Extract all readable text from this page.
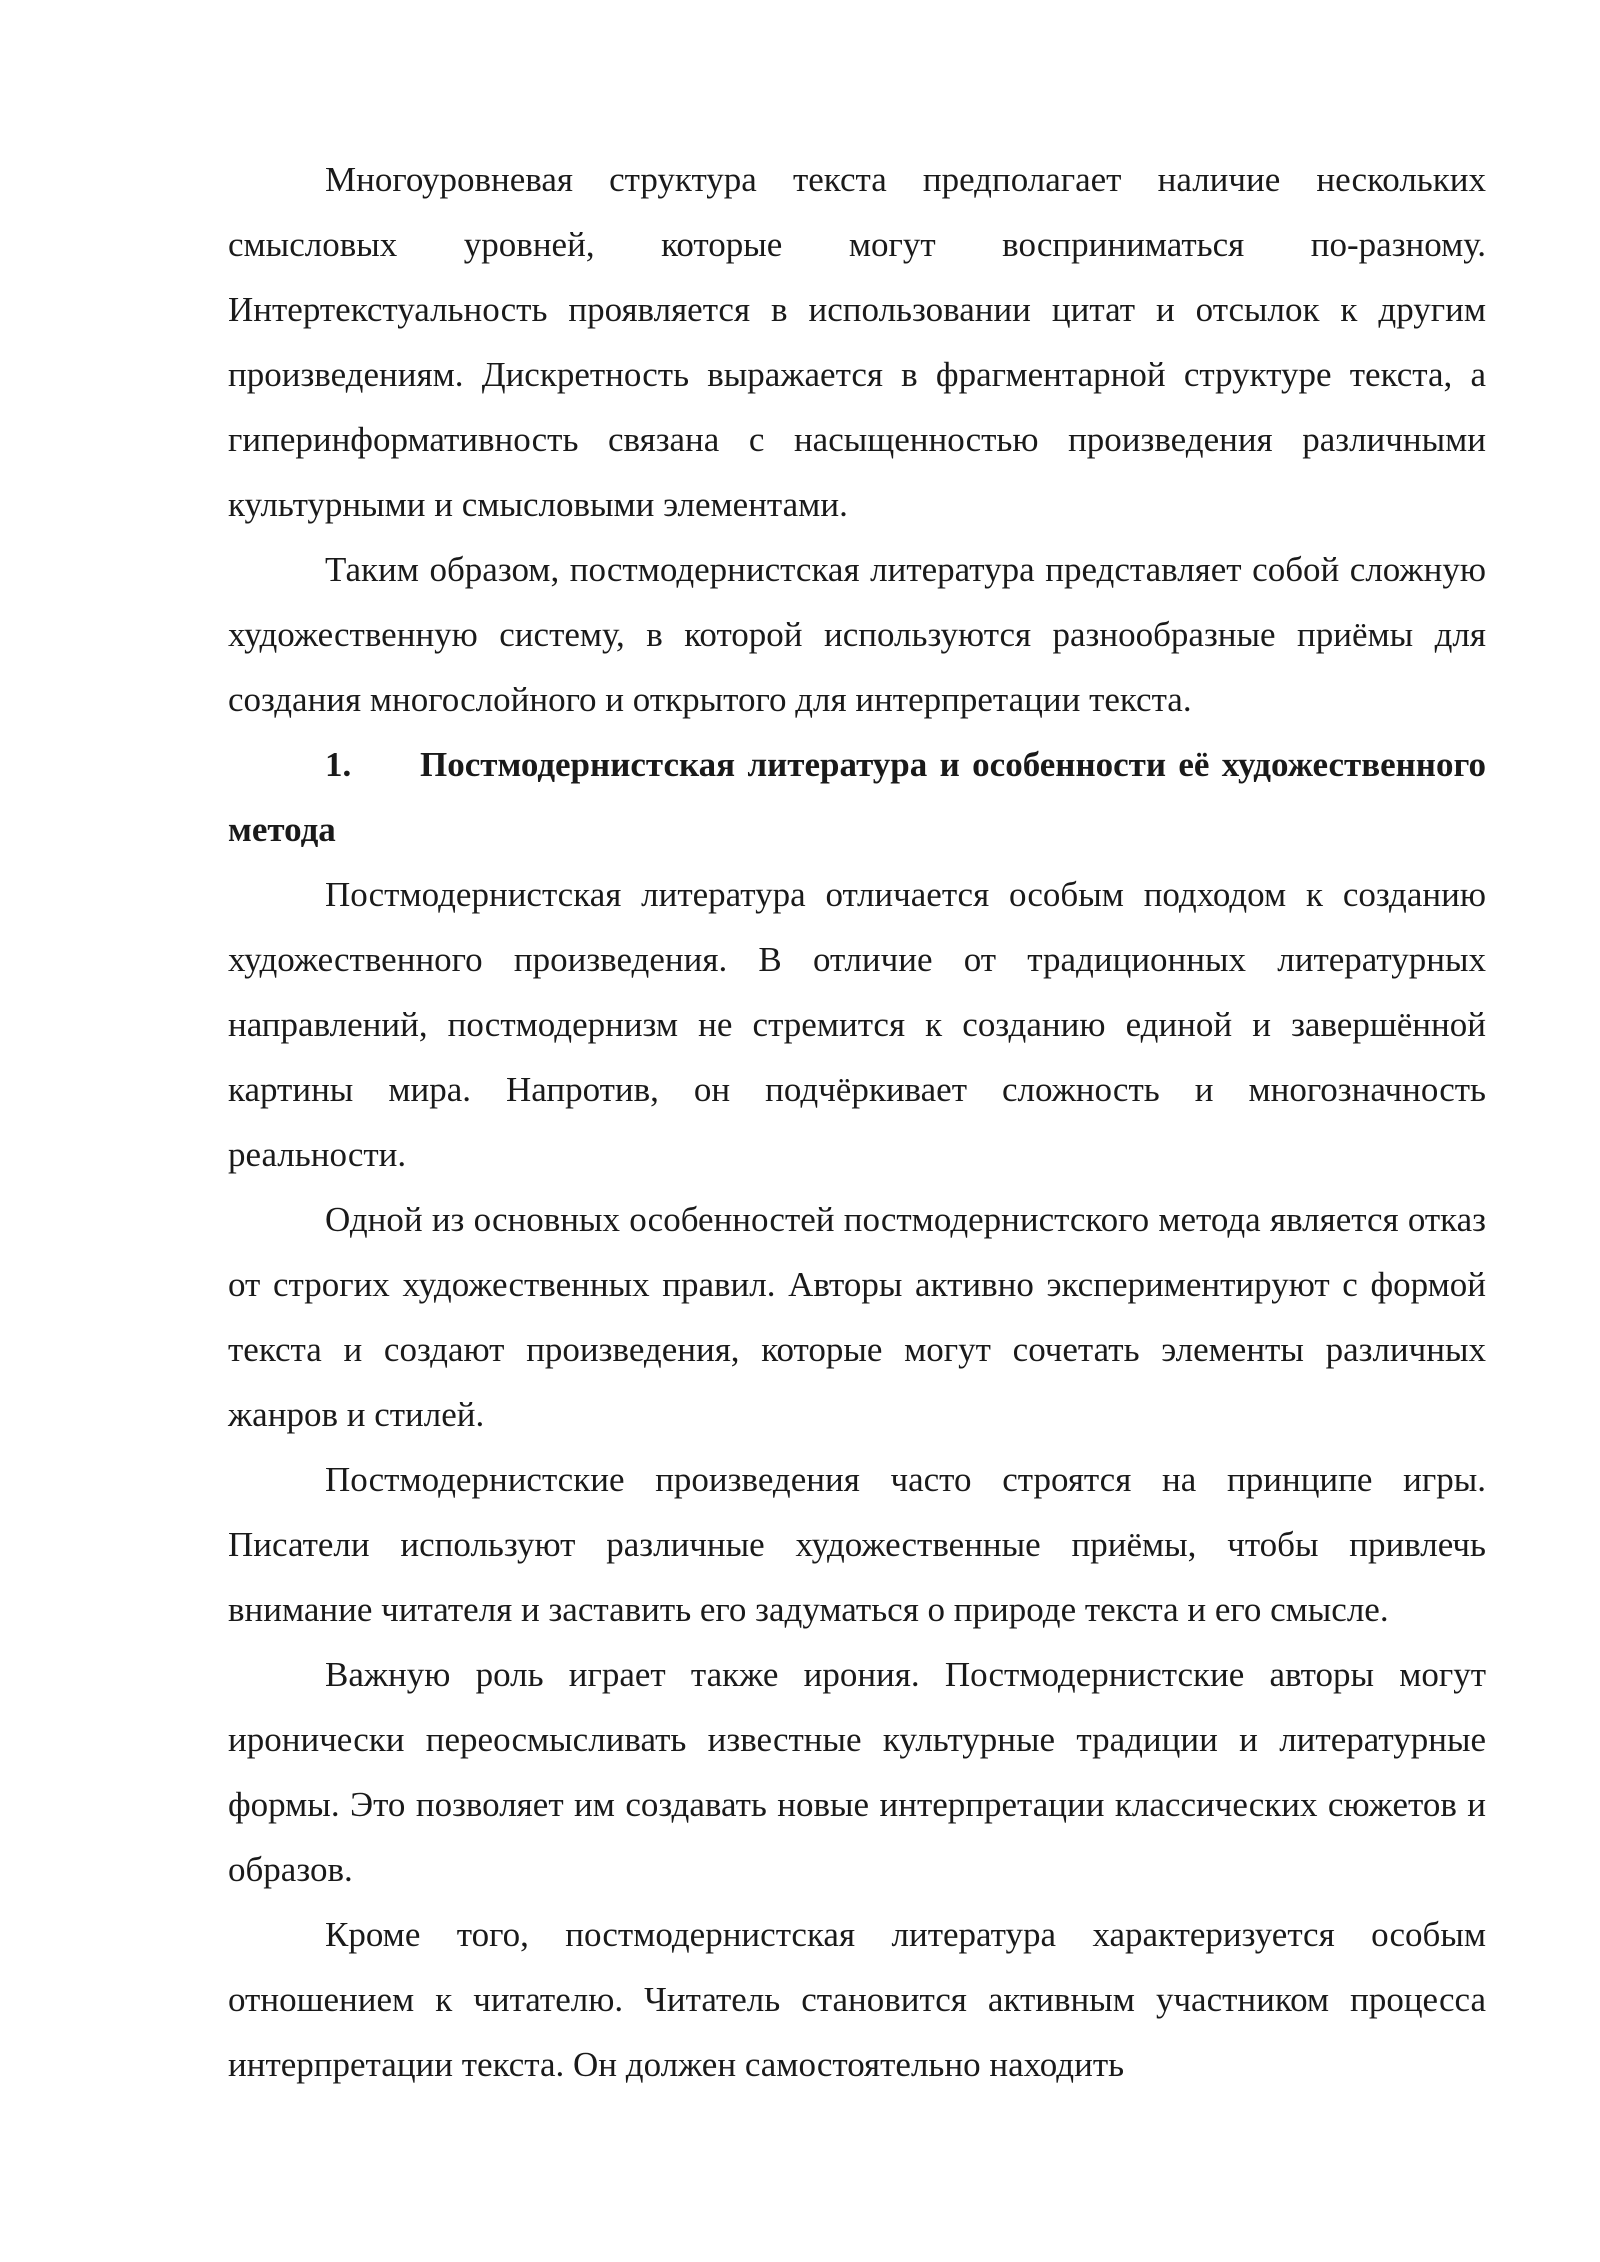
Многоуровневая структура текста предполагает наличие нескольких смысловых уровней, которые могут восприниматься по-разному. Интертекстуальность проявляется в использовании цитат и отсылок к другим произведениям. Дискретность выражается в фрагментарной структуре текста, а гиперинформативность связана с насыщенностью произведения различными культурными и смысловыми элементами.

Таким образом, постмодернистская литература представляет собой сложную художественную систему, в которой используются разнообразные приёмы для создания многослойного и открытого для интерпретации текста.

1. Постмодернистская литература и особенности её художественного метода

Постмодернистская литература отличается особым подходом к созданию художественного произведения. В отличие от традиционных литературных направлений, постмодернизм не стремится к созданию единой и завершённой картины мира. Напротив, он подчёркивает сложность и многозначность реальности.

Одной из основных особенностей постмодернистского метода является отказ от строгих художественных правил. Авторы активно экспериментируют с формой текста и создают произведения, которые могут сочетать элементы различных жанров и стилей.

Постмодернистские произведения часто строятся на принципе игры. Писатели используют различные художественные приёмы, чтобы привлечь внимание читателя и заставить его задуматься о природе текста и его смысле.

Важную роль играет также ирония. Постмодернистские авторы могут иронически переосмысливать известные культурные традиции и литературные формы. Это позволяет им создавать новые интерпретации классических сюжетов и образов.

Кроме того, постмодернистская литература характеризуется особым отношением к читателю. Читатель становится активным участником процесса интерпретации текста. Он должен самостоятельно находить
